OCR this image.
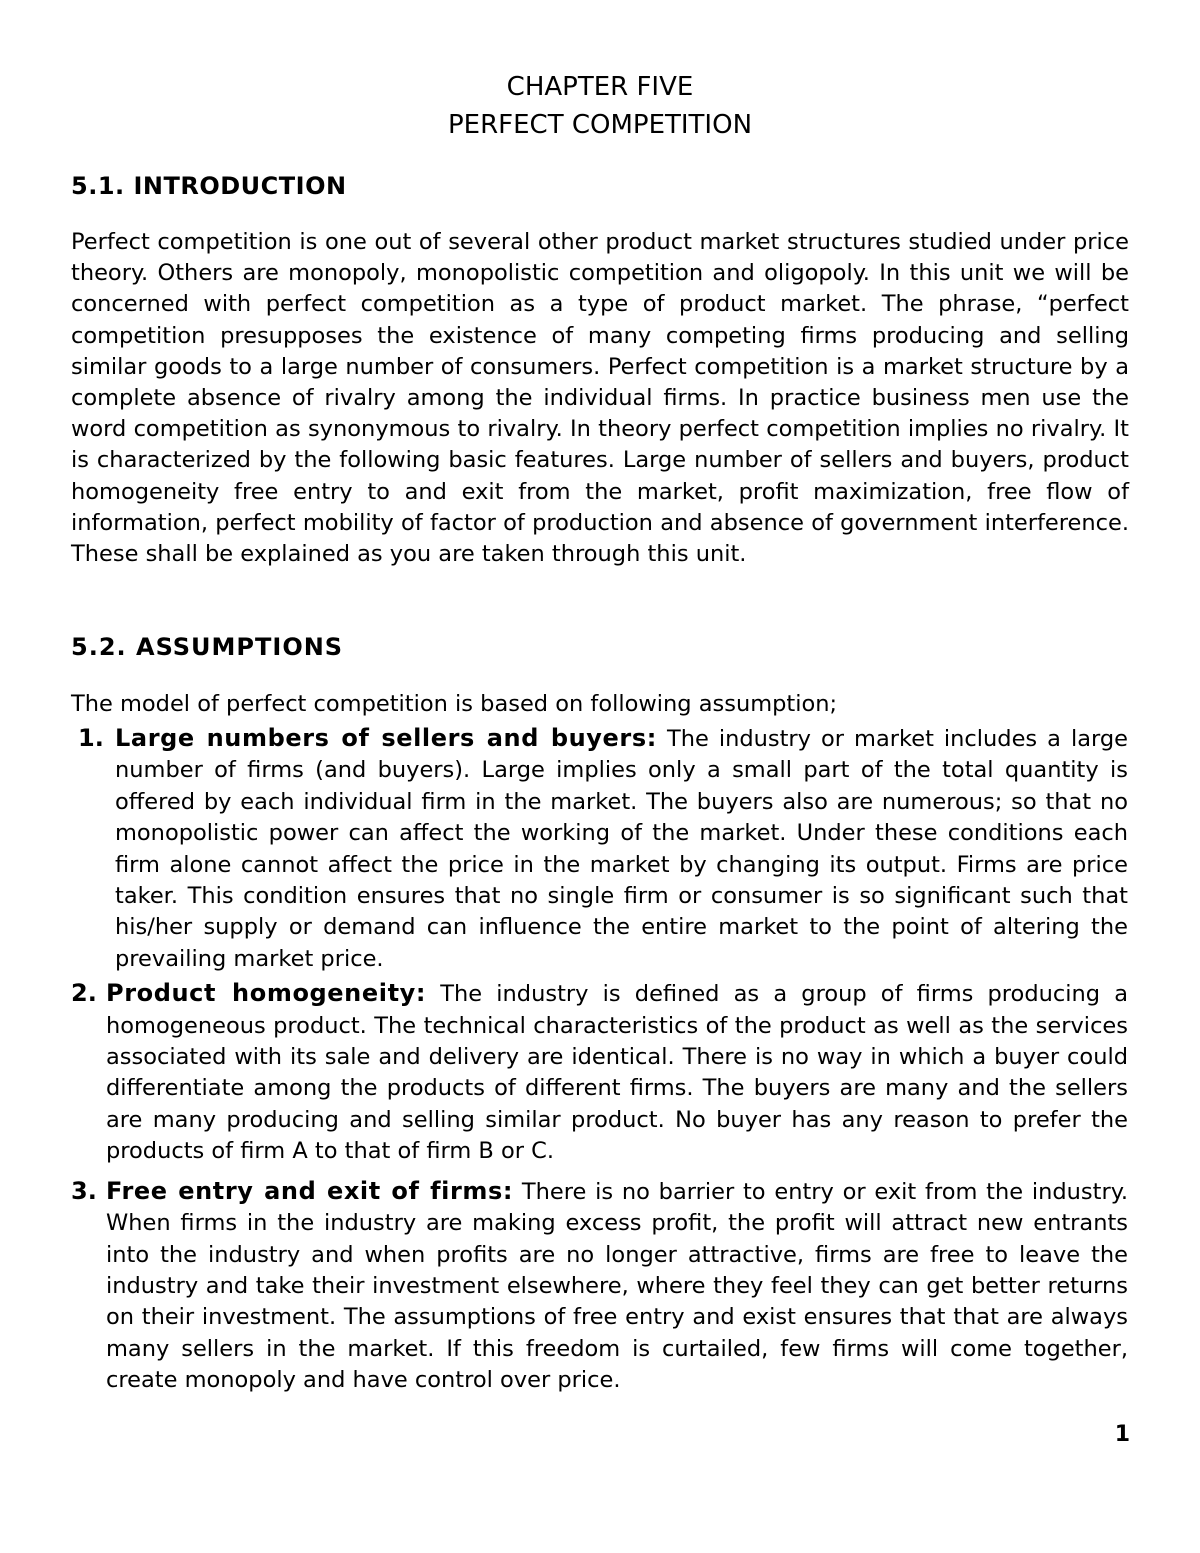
CHAPTER FIVE
PERFECT COMPETITION
5.1. INTRODUCTION

Perfect competition is one out of several other product market structures studied under price theory. Others are monopoly, monopolistic competition and oligopoly. In this unit we will be concerned with perfect competition as a type of product market. The phrase, “perfect competition presupposes the existence of many competing firms producing and selling similar goods to a large number of consumers. Perfect competition is a market structure by a complete absence of rivalry among the individual firms. In practice business men use the word competition as synonymous to rivalry. In theory perfect competition implies no rivalry. It is characterized by the following basic features. Large number of sellers and buyers, product homogeneity free entry to and exit from the market, profit maximization, free flow of information, perfect mobility of factor of production and absence of government interference. These shall be explained as you are taken through this unit.

5.2. ASSUMPTIONS

The model of perfect competition is based on following assumption;

1. Large numbers of sellers and buyers: The industry or market includes a large number of firms (and buyers). Large implies only a small part of the total quantity is offered by each individual firm in the market. The buyers also are numerous; so that no monopolistic power can affect the working of the market. Under these conditions each firm alone cannot affect the price in the market by changing its output. Firms are price taker. This condition ensures that no single firm or consumer is so significant such that his/her supply or demand can influence the entire market to the point of altering the prevailing market price.
2. Product homogeneity: The industry is defined as a group of firms producing a homogeneous product. The technical characteristics of the product as well as the services associated with its sale and delivery are identical. There is no way in which a buyer could differentiate among the products of different firms. The buyers are many and the sellers are many producing and selling similar product. No buyer has any reason to prefer the products of firm A to that of firm B or C.
3. Free entry and exit of firms: There is no barrier to entry or exit from the industry. When firms in the industry are making excess profit, the profit will attract new entrants into the industry and when profits are no longer attractive, firms are free to leave the industry and take their investment elsewhere, where they feel they can get better returns on their investment. The assumptions of free entry and exist ensures that that are always many sellers in the market. If this freedom is curtailed, few firms will come together, create monopoly and have control over price.
1
